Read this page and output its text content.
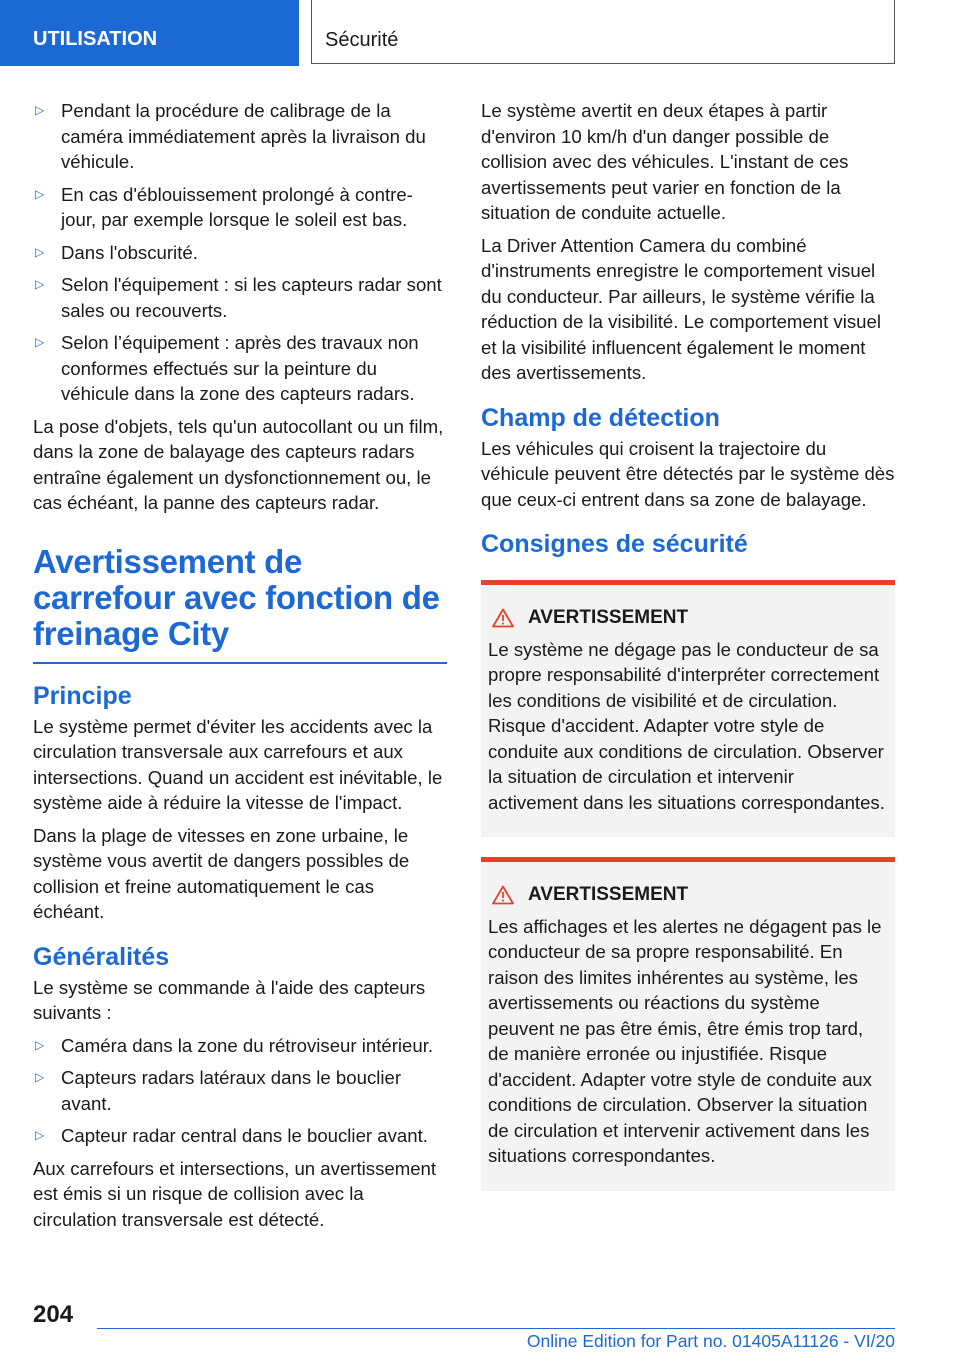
UTILISATION	Sécurité
▷ Pendant la procédure de calibrage de la caméra immédiatement après la livraison du véhicule.
▷ En cas d'éblouissement prolongé à contre-jour, par exemple lorsque le soleil est bas.
▷ Dans l'obscurité.
▷ Selon l'équipement : si les capteurs radar sont sales ou recouverts.
▷ Selon l’équipement : après des travaux non conformes effectués sur la peinture du véhicule dans la zone des capteurs radars.

La pose d'objets, tels qu'un autocollant ou un film, dans la zone de balayage des capteurs radars entraîne également un dysfonctionnement ou, le cas échéant, la panne des capteurs radar.

Avertissement de carrefour avec fonction de freinage City
Principe

Le système permet d'éviter les accidents avec la circulation transversale aux carrefours et aux intersections. Quand un accident est inévitable, le système aide à réduire la vitesse de l'impact.

Dans la plage de vitesses en zone urbaine, le système vous avertit de dangers possibles de collision et freine automatiquement le cas échéant.

Généralités

Le système se commande à l'aide des capteurs suivants :

▷ Caméra dans la zone du rétroviseur intérieur.
▷ Capteurs radars latéraux dans le bouclier avant.
▷ Capteur radar central dans le bouclier avant.

Aux carrefours et intersections, un avertissement est émis si un risque de collision avec la circulation transversale est détecté.

Le système avertit en deux étapes à partir d'environ 10 km/h d'un danger possible de collision avec des véhicules. L'instant de ces avertissements peut varier en fonction de la situation de conduite actuelle.

La Driver Attention Camera du combiné d'instruments enregistre le comportement visuel du conducteur. Par ailleurs, le système vérifie la réduction de la visibilité. Le comportement visuel et la visibilité influencent également le moment des avertissements.

Champ de détection

Les véhicules qui croisent la trajectoire du véhicule peuvent être détectés par le système dès que ceux-ci entrent dans sa zone de balayage.

Consignes de sécurité
AVERTISSEMENT

Le système ne dégage pas le conducteur de sa propre responsabilité d'interpréter correctement les conditions de visibilité et de circulation. Risque d'accident. Adapter votre style de conduite aux conditions de circulation. Observer la situation de circulation et intervenir activement dans les situations correspondantes.

AVERTISSEMENT

Les affichages et les alertes ne dégagent pas le conducteur de sa propre responsabilité. En raison des limites inhérentes au système, les avertissements ou réactions du système peuvent ne pas être émis, être émis trop tard, de manière erronée ou injustifiée. Risque d'accident. Adapter votre style de conduite aux conditions de circulation. Observer la situation de circulation et intervenir activement dans les situations correspondantes.

204
Online Edition for Part no. 01405A11126 - VI/20
